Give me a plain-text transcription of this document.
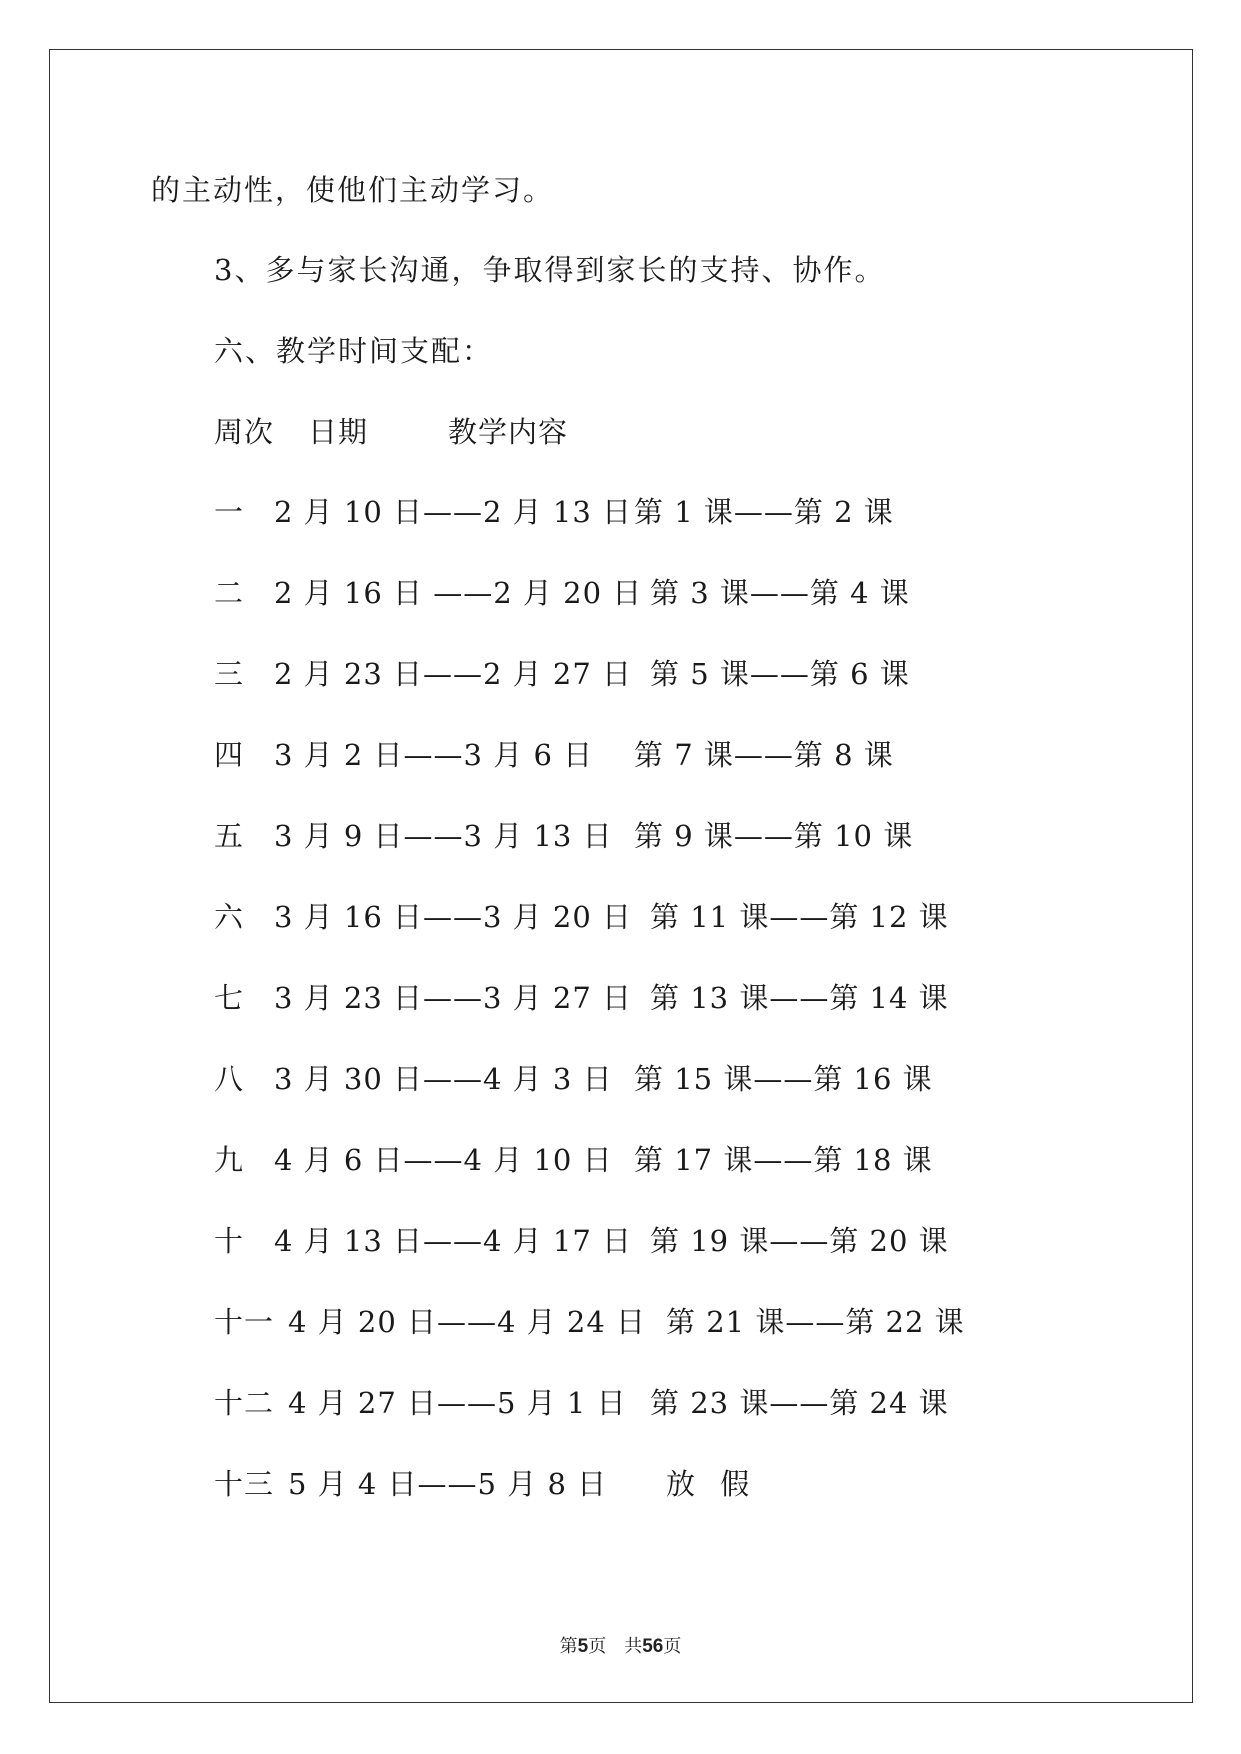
的主动性，使他们主动学习。
3、多与家长沟通，争取得到家长的支持、协作。
六、教学时间支配：

周次

日期

	教学内容

一

2 月 10 日——2 月 13 日

第 1 课——第 2 课

二

2 月 16 日 ——2 月 20 日

第 3 课——第 4 课

三

2 月 23 日——2 月 27 日

第 5 课——第 6 课

四

3 月 2 日——3 月 6 日

第 7 课——第 8 课

五

3 月 9 日——3 月 13 日

第 9 课——第 10 课

六

3 月 16 日——3 月 20 日

第 11 课——第 12 课

七

3 月 23 日——3 月 27 日

第 13 课——第 14 课

八

3 月 30 日——4 月 3 日

第 15 课——第 16 课

九

4 月 6 日——4 月 10 日

第 17 课——第 18 课

十

4 月 13 日——4 月 17 日

第 19 课——第 20 课

十一

4 月 20 日——4 月 24 日

第 21 课——第 22 课

十二

4 月 27 日——5 月 1 日

第 23 课——第 24 课

十三

5 月 4 日——5 月 8 日

放 假

第5页　共56页
